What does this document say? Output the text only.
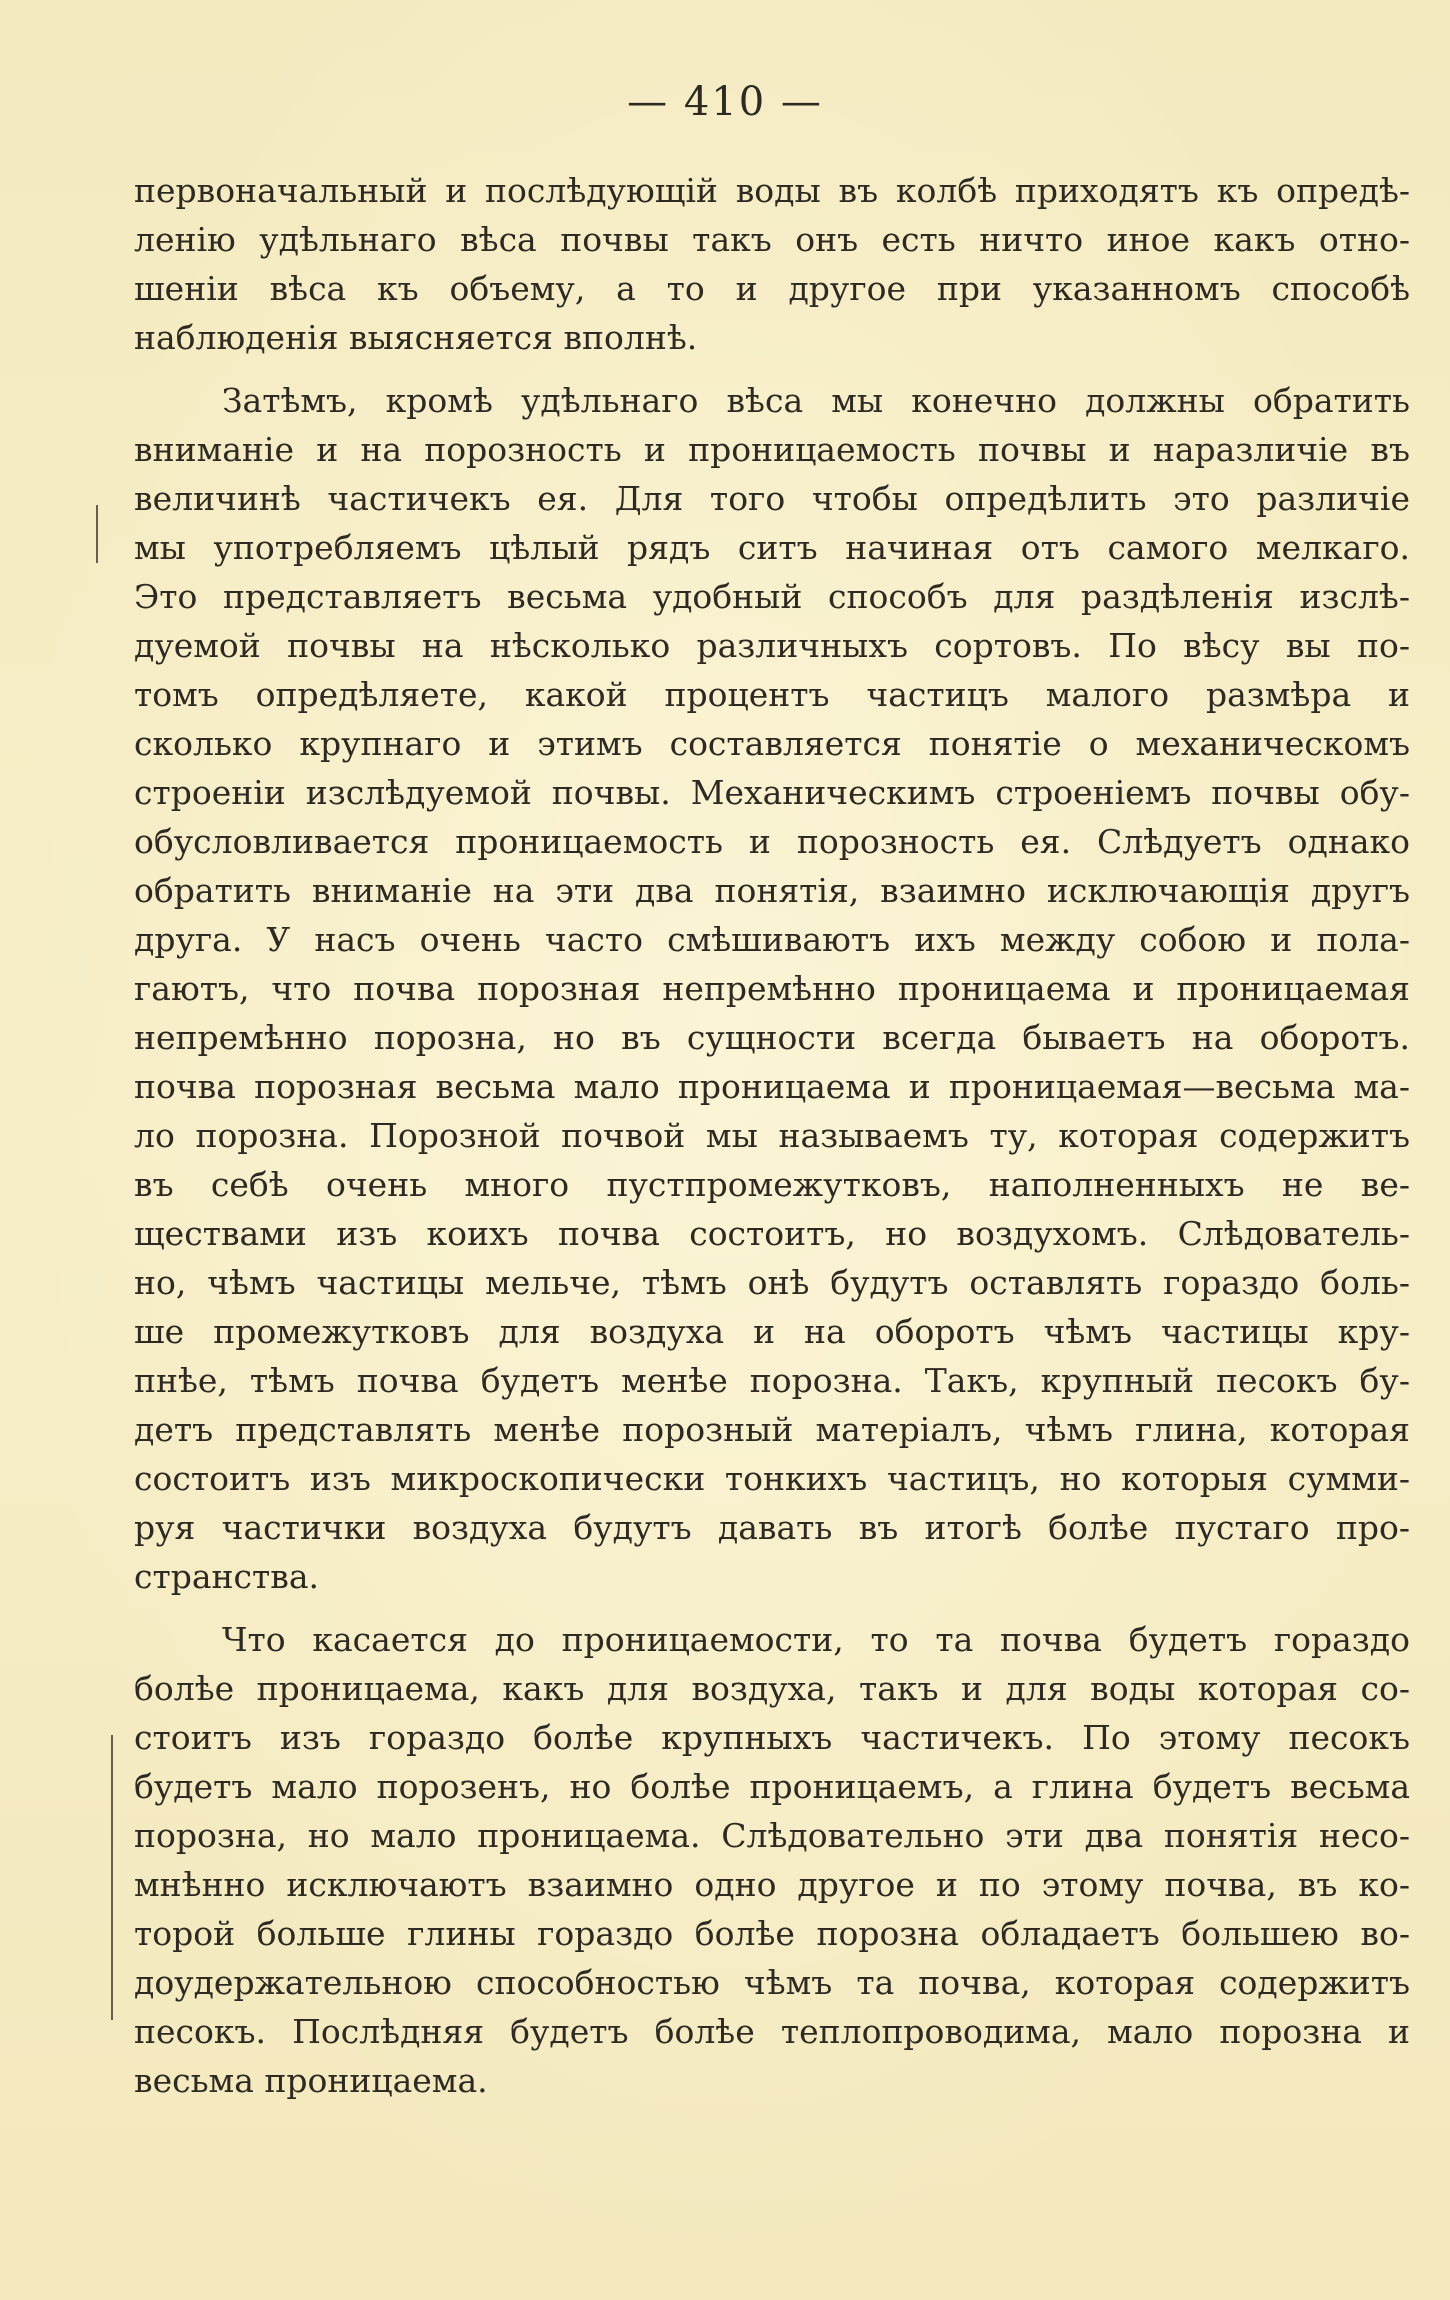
— 410 —
первоначальный и послѣдующій воды въ колбѣ приходятъ къ опредѣ-
ленію удѣльнаго вѣса почвы такъ онъ есть ничто иное какъ отно-
шеніи вѣса къ объему, а то и другое при указанномъ способѣ
наблюденія выясняется вполнѣ.
Затѣмъ, кромѣ удѣльнаго вѣса мы конечно должны обратить
вниманіе и на порозность и проницаемость почвы и наразличіе въ
величинѣ частичекъ ея. Для того чтобы опредѣлить это различіе
мы употребляемъ цѣлый рядъ ситъ начиная отъ самого мелкаго.
Это представляетъ весьма удобный способъ для раздѣленія изслѣ-
дуемой почвы на нѣсколько различныхъ сортовъ. По вѣсу вы по-
томъ опредѣляете, какой процентъ частицъ малого размѣра и
сколько крупнаго и этимъ составляется понятіе о механическомъ
строеніи изслѣдуемой почвы. Механическимъ строеніемъ почвы обу-
обусловливается проницаемость и порозность ея. Слѣдуетъ однако
обратить вниманіе на эти два понятія, взаимно исключающія другъ
друга. У насъ очень часто смѣшиваютъ ихъ между собою и пола-
гаютъ, что почва порозная непремѣнно проницаема и проницаемая
непремѣнно порозна, но въ сущности всегда бываетъ на оборотъ.
почва порозная весьма мало проницаема и проницаемая—весьма ма-
ло порозна. Порозной почвой мы называемъ ту, которая содержитъ
въ себѣ очень много пустпромежутковъ, наполненныхъ не ве-
ществами изъ коихъ почва состоитъ, но воздухомъ. Слѣдователь-
но, чѣмъ частицы мельче, тѣмъ онѣ будутъ оставлять гораздо боль-
ше промежутковъ для воздуха и на оборотъ чѣмъ частицы кру-
пнѣе, тѣмъ почва будетъ менѣе порозна. Такъ, крупный песокъ бу-
детъ представлять менѣе порозный матеріалъ, чѣмъ глина, которая
состоитъ изъ микроскопически тонкихъ частицъ, но которыя сумми-
руя частички воздуха будутъ давать въ итогѣ болѣе пустаго про-
странства.
Что касается до проницаемости, то та почва будетъ гораздо
болѣе проницаема, какъ для воздуха, такъ и для воды которая со-
стоитъ изъ гораздо болѣе крупныхъ частичекъ. По этому песокъ
будетъ мало порозенъ, но болѣе проницаемъ, а глина будетъ весьма
порозна, но мало проницаема. Слѣдовательно эти два понятія несо-
мнѣнно исключаютъ взаимно одно другое и по этому почва, въ ко-
торой больше глины гораздо болѣе порозна обладаетъ большею во-
доудержательною способностью чѣмъ та почва, которая содержитъ
песокъ. Послѣдняя будетъ болѣе теплопроводима, мало порозна и
весьма проницаема.
